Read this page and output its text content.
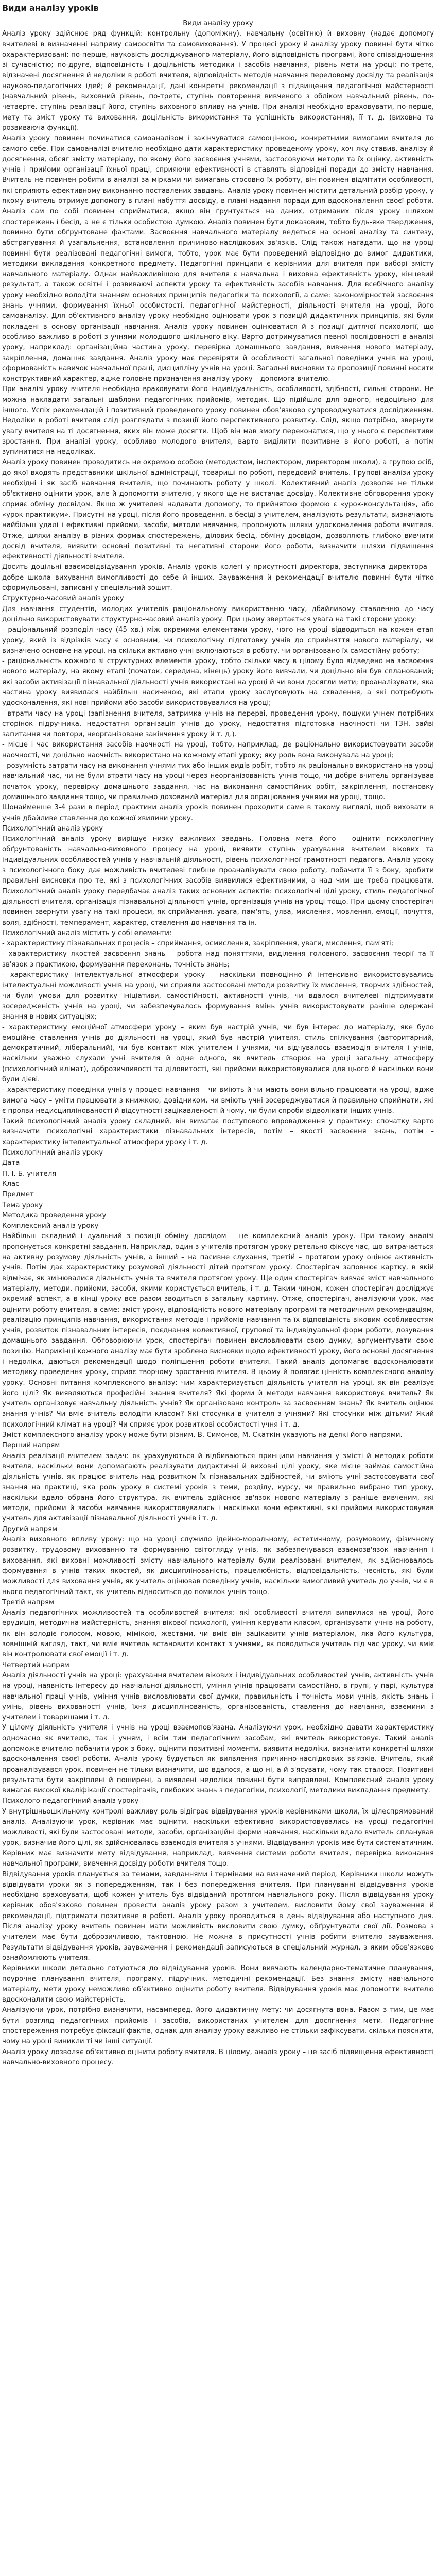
Види аналізу уроків

Види аналізу уроку

Аналіз уроку здійснює ряд функцій: контрольну (допоміжну), навчальну (освітню) й виховну (надає допомогу вчителеві в визначенні напряму самоосвіти та самовиховання). У процесі уроку й аналізу уроку повинні бути чітко охарактеризовані: по-перше, науковість досліджуваного матеріалу, його відповідність програмі, його співвідношення зі сучасністю; по-друге, відповідність і доцільність методики і засобів навчання, рівень мети на уроці; по-третє, відзначені досягнення й недоліки в роботі вчителя, відповідність методів навчання передовому досвіду та реалізація науково-педагогічних ідей; й рекомендації, дані конкретні рекомендації з підвищення педагогічної майстерності (навчальний рівень, виховний рівень, по-третє, ступінь повторення вивченого з обліком навчальний рівень, по-четверте, ступінь реалізації його, ступінь виховного впливу на учнів. При аналізі необхідно враховувати, по-перше, мету та зміст уроку та виховання, доцільність використання та успішність використання), її т. д. (виховна та розвиваюча функції).

Аналіз уроку повинен починатися самоаналізом і закінчуватися самооцінкою, конкретними вимогами вчителя до самого себе. При самоаналізі вчителю необхідно дати характеристику проведеному уроку, хоч яку ставив, аналізу й досягнення, обсяг змісту матеріалу, по якому його засвоєння учнями, застосовуючи методи та їх оцінку, активність учнів і прийоми організації їхньої праці, сприяючи ефективності в ставлять відповідні поради до змісту навчання. Вчитель не повинен робити в аналізі за мірками чи вимагань стосовно їх роботу, він повинен відмітити особливості, які сприяють ефективному виконанню поставлених завдань. Аналіз уроку повинен містити детальний розбір уроку, у якому вчитель отримує допомогу в плані набуття досвіду, в плані надання поради для вдосконалення своєї роботи. Аналіз сам по собі повинен сприйматися, якщо він ґрунтується на даних, отриманих після уроку шляхом спостережень і бесід, а не є тільки особистою думкою. Аналіз повинен бути доказовим, тобто будь-яке твердження, повинно бути обґрунтоване фактами. Засвоєння навчального матеріалу ведеться на основі аналізу та синтезу, абстрагування й узагальнення, встановлення причиново-наслідкових зв'язків. Слід також нагадати, що на уроці повинні бути реалізовані педагогічні вимоги, тобто, урок має бути проведений відповідно до вимог дидактики, методики викладання конкретного предмету. Педагогічні принципи є керівними для вчителя при виборі змісту навчального матеріалу. Однак найважливішою для вчителя є навчальна і виховна ефективність уроку, кінцевий результат, а також освітні і розвиваючі аспекти уроку та ефективність засобів навчання. Для всебічного аналізу уроку необхідно володіти знанням основних принципів педагогіки та психології, а саме: закономірностей засвоєння знань учнями, формування їхньої особистості, педагогічної майстерності, діяльності вчителя на уроці, його самоаналізу. Для об'єктивного аналізу уроку необхідно оцінювати урок з позицій дидактичних принципів, які були покладені в основу організації навчання. Аналіз уроку повинен оцінюватися й з позиції дитячої психології, що особливо важливо в роботі з учнями молодшого шкільного віку. Варто дотримуватися певної послідовності в аналізі уроку, наприклад: організаційна частина уроку, перевірка домашнього завдання, вивчення нового матеріалу, закріплення, домашнє завдання. Аналіз уроку має перевіряти й особливості загальної поведінки учнів на уроці, сформованість навичок навчальної праці, дисципліну учнів на уроці. Загальні висновки та пропозиції повинні носити конструктивний характер, адже головне призначення аналізу уроку – допомога вчителю.

При аналізі уроку вчителя необхідно враховувати його індивідуальність, особливості, здібності, сильні сторони. Не можна накладати загальні шаблони педагогічних прийомів, методик. Що підійшло для одного, недоцільно для іншого. Успіх рекомендацій і позитивний проведеного уроку повинен обов'язково супроводжуватися дослідженням. Недоліки в роботі вчителя слід розглядати з позиції його перспективного розвитку. Слід, якщо потрібно, звернути увагу вчителя на ті досягнення, яких він може досягти. Щоб він мав змогу переконатися, що у нього є перспективи зростання. При аналізі уроку, особливо молодого вчителя, варто виділити позитивне в його роботі, а потім зупинитися на недоліках.

Аналіз уроку повинен проводитись не окремою особою (методистом, інспектором, директором школи), а групою осіб, до якої входять представники шкільної адміністрації, товариші по роботі, передовий вчитель. Групові аналізи уроку необхідні і як засіб навчання вчителів, що починають роботу у школі. Колективний аналіз дозволяє не тільки об'єктивно оцінити урок, але й допомогти вчителю, у якого ще не вистачає досвіду. Колективне обговорення уроку сприяє обміну досвідом. Якщо ж учителеві надавати допомогу, то прийнятою формою є «урок-консультація», або «урок-практикум». Присутні на уроці, після його проведення, в бесіді з учителем, аналізують результати, визначають найбільш удалі і ефективні прийоми, засоби, методи навчання, пропонують шляхи удосконалення роботи вчителя. Отже, шляхи аналізу в різних формах спостережень, ділових бесід, обміну досвідом, дозволяють глибоко вивчити досвід вчителя, виявити основні позитивні та негативні сторони його роботи, визначити шляхи підвищення ефективності діяльності вчителя.

Досить доцільні взаємовідвідування уроків. Аналіз уроків колегі у присутності директора, заступника директора – добре школа вихування вимогливості до себе й інших. Зауваження й рекомендації вчителю повинні бути чітко сформульовані, записані у спеціальний зошит.

Структурно-часовий аналіз уроку

Для навчання студентів, молодих учителів раціональному використанню часу, дбайливому ставленню до часу доцільно використовувати структурно-часовий аналіз уроку. При цьому звертається увага на такі сторони уроку:

- раціональний розподіл часу (45 хв.) між окремими елементами уроку, чого на уроці відводиться на кожен етап уроку, який із відрізків часу є основним, чи психологічну підготовку учнів до сприйняття нового матеріалу, чи визначено основне на уроці, на скільки активно учні включаються в роботу, чи організовано їх самостійну роботу;

- раціональність кожного зі структурних елементів уроку, тобто скільки часу в цілому було відведено на засвоєння нового матеріалу, на якому етапі (початок, середина, кінець) уроку його вивчали, чи доцільно він був спланований; які засоби активізації пізнавальної діяльності учнів використані на уроці й чи вони досягли мети; проаналізувати, яка частина уроку виявилася найбільш насиченою, які етапи уроку заслуговують на схвалення, а які потребують удосконалення, які нові прийоми або засоби використовувалися на уроці;

- втрати часу на уроці (запізнення вчителя, затримка учнів на перерві, проведення уроку, пошуки учнем потрібних сторінок підручника, недостатня організація учнів до уроку, недостатня підготовка наочності чи ТЗН, зайві запитання чи повтори, неорганізоване закінчення уроку й т. д.).

- місце і час використання засобів наочності на уроці, тобто, наприклад, де раціонально використовувати засоби наочності, чи доцільно наочність використано на кожному етапі уроку; яку роль вона виконувала на уроці;

- розумність затрати часу на виконання учнями тих або інших видів робіт, тобто як раціонально використано на уроці навчальний час, чи не були втрати часу на уроці через неорганізованість учнів тощо, чи добре вчитель організував початок уроку, перевірку домашнього завдання, час на виконання самостійних робіт, закріплення, постановку домашнього завдання тощо, чи правильно дозований матеріал для опрацювання учнями на уроці, тощо.

Щонайменше 3-4 рази в період практики аналіз уроків повинен проходити саме в такому вигляді, щоб виховати в учнів дбайливе ставлення до кожної хвилини уроку.

Психологічний аналіз уроку

Психологічний аналіз уроку вирішує низку важливих завдань. Головна мета його – оцінити психологічну обґрунтованість навчально-виховного процесу на уроці, виявити ступінь урахування вчителем вікових та індивідуальних особливостей учнів у навчальній діяльності, рівень психологічної грамотності педагога. Аналіз уроку з психологічного боку дає можливість вчителеві глибше проаналізувати свою роботу, побачити її з боку, зробити правильні висновки про те, які з психологічних засобів виявилися ефективними, а над чим ще треба працювати. Психологічний аналіз уроку передбачає аналіз таких основних аспектів: психологічні цілі уроку, стиль педагогічної діяльності вчителя, організація пізнавальної діяльності учнів, організація учнів на уроці тощо. При цьому спостерігач повинен звернути увагу на такі процеси, як сприймання, увага, пам'ять, уява, мислення, мовлення, емоції, почуття, воля, здібності, темперамент, характер, ставлення до навчання та ін.

Психологічний аналіз містить у собі елементи:

- характеристику пізнавальних процесів – сприймання, осмислення, закріплення, уваги, мислення, пам'яті;

- характеристику якостей засвоєння знань – робота над поняттями, виділення головного, засвоєння теорії та її зв'язок з практикою, формування переконань, точність знань;

- характеристику інтелектуальної атмосфери уроку – наскільки повноцінно й інтенсивно використовувались інтелектуальні можливості учнів на уроці, чи сприяли застосовані методи розвитку їх мислення, творчих здібностей, чи були умови для розвитку ініціативи, самостійності, активності учнів, чи вдалося вчителеві підтримувати зосередженість учнів на уроці, чи забезпечувалось формування вмінь учнів використовувати раніше одержані знання в нових ситуаціях;

- характеристику емоційної атмосфери уроку – яким був настрій учнів, чи був інтерес до матеріалу, яке було емоційне ставлення учнів до діяльності на уроці, який був настрій учителя, стиль спілкування (авторитарний, демократичний, ліберальний), чи був контакт між учителем і учнями, чи відчувалось взаємодія вчителя і учнів, наскільки уважно слухали учні вчителя й одне одного, як вчитель створює на уроці загальну атмосферу (психологічний клімат), доброзичливості та діловитості, які прийоми використовувалися для цього й наскільки вони були дієві.

- характеристику поведінки учнів у процесі навчання – чи вміють й чи мають вони вільно працювати на уроці, адже вимога часу – уміти працювати з книжкою, довідником, чи вміють учні зосереджуватися й правильно сприймати, які є прояви недисциплінованості й відсутності зацікавленості й чому, чи були спроби відволікати інших учнів.

Такий психологічний аналіз уроку складний, він вимагає поступового впровадження у практику: спочатку варто визначити психологічні характеристики пізнавальних інтересів, потім – якості засвоєння знань, потім – характеристику інтелектуальної атмосфери уроку і т. д.

Психологічний аналіз уроку

Дата

П. І. Б. учителя

Клас

Предмет

Тема уроку

Методика проведення уроку

Комплексний аналіз уроку

Найбільш складний і дуальний з позиції обміну досвідом – це комплексний аналіз уроку. При такому аналізі пропонується конкретні завдання. Наприклад, один з учителів протягом уроку ретельно фіксує час, що витрачається на активну розумову діяльність учнів, а інший – на пасивне слухання, третій – протягом уроку оцінює активність учнів. Потім дає характеристику розумової діяльності дітей протягом уроку. Спостерігач заповнює картку, в якій відмічає, як змінювалися діяльність учнів та вчителя протягом уроку. Ще один спостерігач вивчає зміст навчального матеріалу, методи, прийоми, засоби, якими користується вчитель, і т. д. Таким чином, кожен спостерігач досліджує окремий аспект, а в кінці уроку все разом зводиться в загальну картину. Отже, спостерігач, аналізуючи урок, має оцінити роботу вчителя, а саме: зміст уроку, відповідність нового матеріалу програмі та методичним рекомендаціям, реалізацію принципів навчання, використання методів і прийомів навчання та їх відповідність віковим особливостям учнів, розвиток пізнавальних інтересів, поєднання колективної, групової та індивідуальної форм роботи, дозування домашнього завдання. Обговорюючи урок, спостерігач повинен висловлювати свою думку, аргументувати свою позицію. Наприкінці кожного аналізу має бути зроблено висновки щодо ефективності уроку, його основні досягнення і недоліки, даються рекомендації щодо поліпшення роботи вчителя. Такий аналіз допомагає вдосконалювати методику проведення уроку, сприяє творчому зростанню вчителя. В цьому й полягає цінність комплексного аналізу уроку. Основні питання комплексного аналізу: чим характеризується діяльність учителя на уроці, як він реалізує його цілі? Як виявляються професійні знання вчителя? Які форми й методи навчання використовує вчитель? Як учитель організовує навчальну діяльність учнів? Як організовано контроль за засвоєнням знань? Як вчитель оцінює знання учнів? Чи вміє вчитель володіти класом? Які стосунки в учителя з учнями? Які стосунки між дітьми? Який психологічний клімат на уроці? Чи сприяє урок розвиткові особистості учня і т. д.

Зміст комплексного аналізу уроку може бути різним. В. Симонов, М. Скаткін указують на деякі його напрями.

Перший напрям

Аналіз реалізації вчителем задач: як урахувуються й відбиваються принципи навчання у змісті й методах роботи вчителя, наскільки вони допомагають реалізувати дидактичні й виховні цілі уроку, яке місце займає самостійна діяльність учнів, як працює вчитель над розвитком їх пізнавальних здібностей, чи вміють учні застосовувати свої знання на практиці, яка роль уроку в системі уроків з теми, розділу, курсу, чи правильно вибрано тип уроку, наскільки вдало обрана його структура, як вчитель здійснює зв'язок нового матеріалу з раніше вивченим, які методи, прийоми й засоби навчання використовувались і наскільки вони ефективні, які прийоми використовував учитель для активізації пізнавальної діяльності учнів і т. д.

Другий напрям

Аналіз виховного впливу уроку: що на уроці служило ідейно-моральному, естетичному, розумовому, фізичному розвитку, трудовому вихованню та формуванню світогляду учнів, як забезпечувався взаємозв'язок навчання і виховання, які виховні можливості змісту навчального матеріалу були реалізовані вчителем, як здійснювалось формування в учнів таких якостей, як дисциплінованість, працелюбність, відповідальність, чесність, які були можливості для виховання учнів, як учитель оцінював поведінку учнів, наскільки вимогливий учитель до учнів, чи є в нього педагогічний такт, як учитель відноситься до помилок учнів тощо.

Третій напрям

Аналіз педагогічних можливостей та особливостей вчителя: які особливості вчителя виявилися на уроці, його ерудиція, методична майстерність, знання вікової психології, уміння керувати класом, організувати учнів на роботу, як він володіє голосом, мовою, мімікою, жестами, чи вміє він зацікавити учнів матеріалом, яка його культура, зовнішній вигляд, такт, чи вміє вчитель встановити контакт з учнями, як поводиться учитель під час уроку, чи вміє він контролювати свої емоції і т. д.

Четвертий напрям

Аналіз діяльності учнів на уроці: урахування вчителем вікових і індивідуальних особливостей учнів, активність учнів на уроці, наявність інтересу до навчальної діяльності, уміння учнів працювати самостійно, в групі, у парі, культура навчальної праці учнів, уміння учнів висловлювати свої думки, правильність і точність мови учнів, якість знань і умінь, рівень вихованості учнів, їхня дисциплінованість, організованість, ставлення до навчання, взаємини з учителем і товаришами і т. д.

У цілому діяльність учителя і учнів на уроці взаємопов'язана. Аналізуючи урок, необхідно давати характеристику одночасно як вчителю, так і учням, і всім тим педагогічним засобам, які вчитель використовує. Такий аналіз допоможе вчителю побачити урок з боку, оцінити позитивні моменти, виявити недоліки, визначити конкретні шляхи вдосконалення своєї роботи. Аналіз уроку будується як виявлення причинно-наслідкових зв'язків. Вчитель, який проаналізувався урок, повинен не тільки визначити, що вдалося, а що ні, а й з'ясувати, чому так сталося. Позитивні результати бути закріплені й поширені, а виявлені недоліки повинні бути виправлені. Комплексний аналіз уроку вимагає високої кваліфікації спостерігачів, глибоких знань з педагогіки, психології, методики викладання предмету.

Психолого-педагогічний аналіз уроку

У внутрішньошкільному контролі важливу роль відіграє відвідування уроків керівниками школи, їх цілеспрямований аналіз. Аналізуючи урок, керівник має оцінити, наскільки ефективно використовувались на уроці педагогічні можливості, які були застосовані методи, засоби, організаційні форми навчання, наскільки вдало вчитель спланував урок, визначив його цілі, як здійснювалась взаємодія вчителя з учнями. Відвідування уроків має бути систематичним. Керівник має визначити мету відвідування, наприклад, вивчення системи роботи вчителя, перевірка виконання навчальної програми, вивчення досвіду роботи вчителя тощо.

Відвідування уроків планується за темами, завданнями і термінами на визначений період. Керівники школи можуть відвідувати уроки як з попередженням, так і без попередження вчителя. При плануванні відвідування уроків необхідно враховувати, щоб кожен учитель був відвіданий протягом навчального року. Після відвідування уроку керівник обов'язково повинен провести аналіз уроку разом з учителем, висловити йому свої зауваження й рекомендації, підтримати позитивне в роботі. Аналіз уроку проводиться в день відвідування або наступного дня. Після аналізу уроку вчитель повинен мати можливість висловити свою думку, обґрунтувати свої дії. Розмова з учителем має бути доброзичливою, тактовною. Не можна в присутності учнів робити вчителю зауваження. Результати відвідування уроків, зауваження і рекомендації записуються в спеціальний журнал, з яким обов'язково ознайомлюють учителя.

Керівники школи детально готуються до відвідування уроків. Вони вивчають календарно-тематичне планування, поурочне планування вчителя, програму, підручник, методичні рекомендації. Без знання змісту навчального матеріалу, мети уроку неможливо об'єктивно оцінити роботу вчителя. Відвідування уроків має допомогти вчителю вдосконалити свою майстерність.

Аналізуючи урок, потрібно визначити, насамперед, його дидактичну мету: чи досягнута вона. Разом з тим, це має бути розгляд педагогічних прийомів і засобів, використаних учителем для досягнення мети. Педагогічне спостереження потребує фіксації фактів, однак для аналізу уроку важливо не стільки зафіксувати, скільки пояснити, чому на уроці виникли ті чи інші ситуації.

Аналіз уроку дозволяє об'єктивно оцінити роботу вчителя. В цілому, аналіз уроку – це засіб підвищення ефективності навчально-виховного процесу.
